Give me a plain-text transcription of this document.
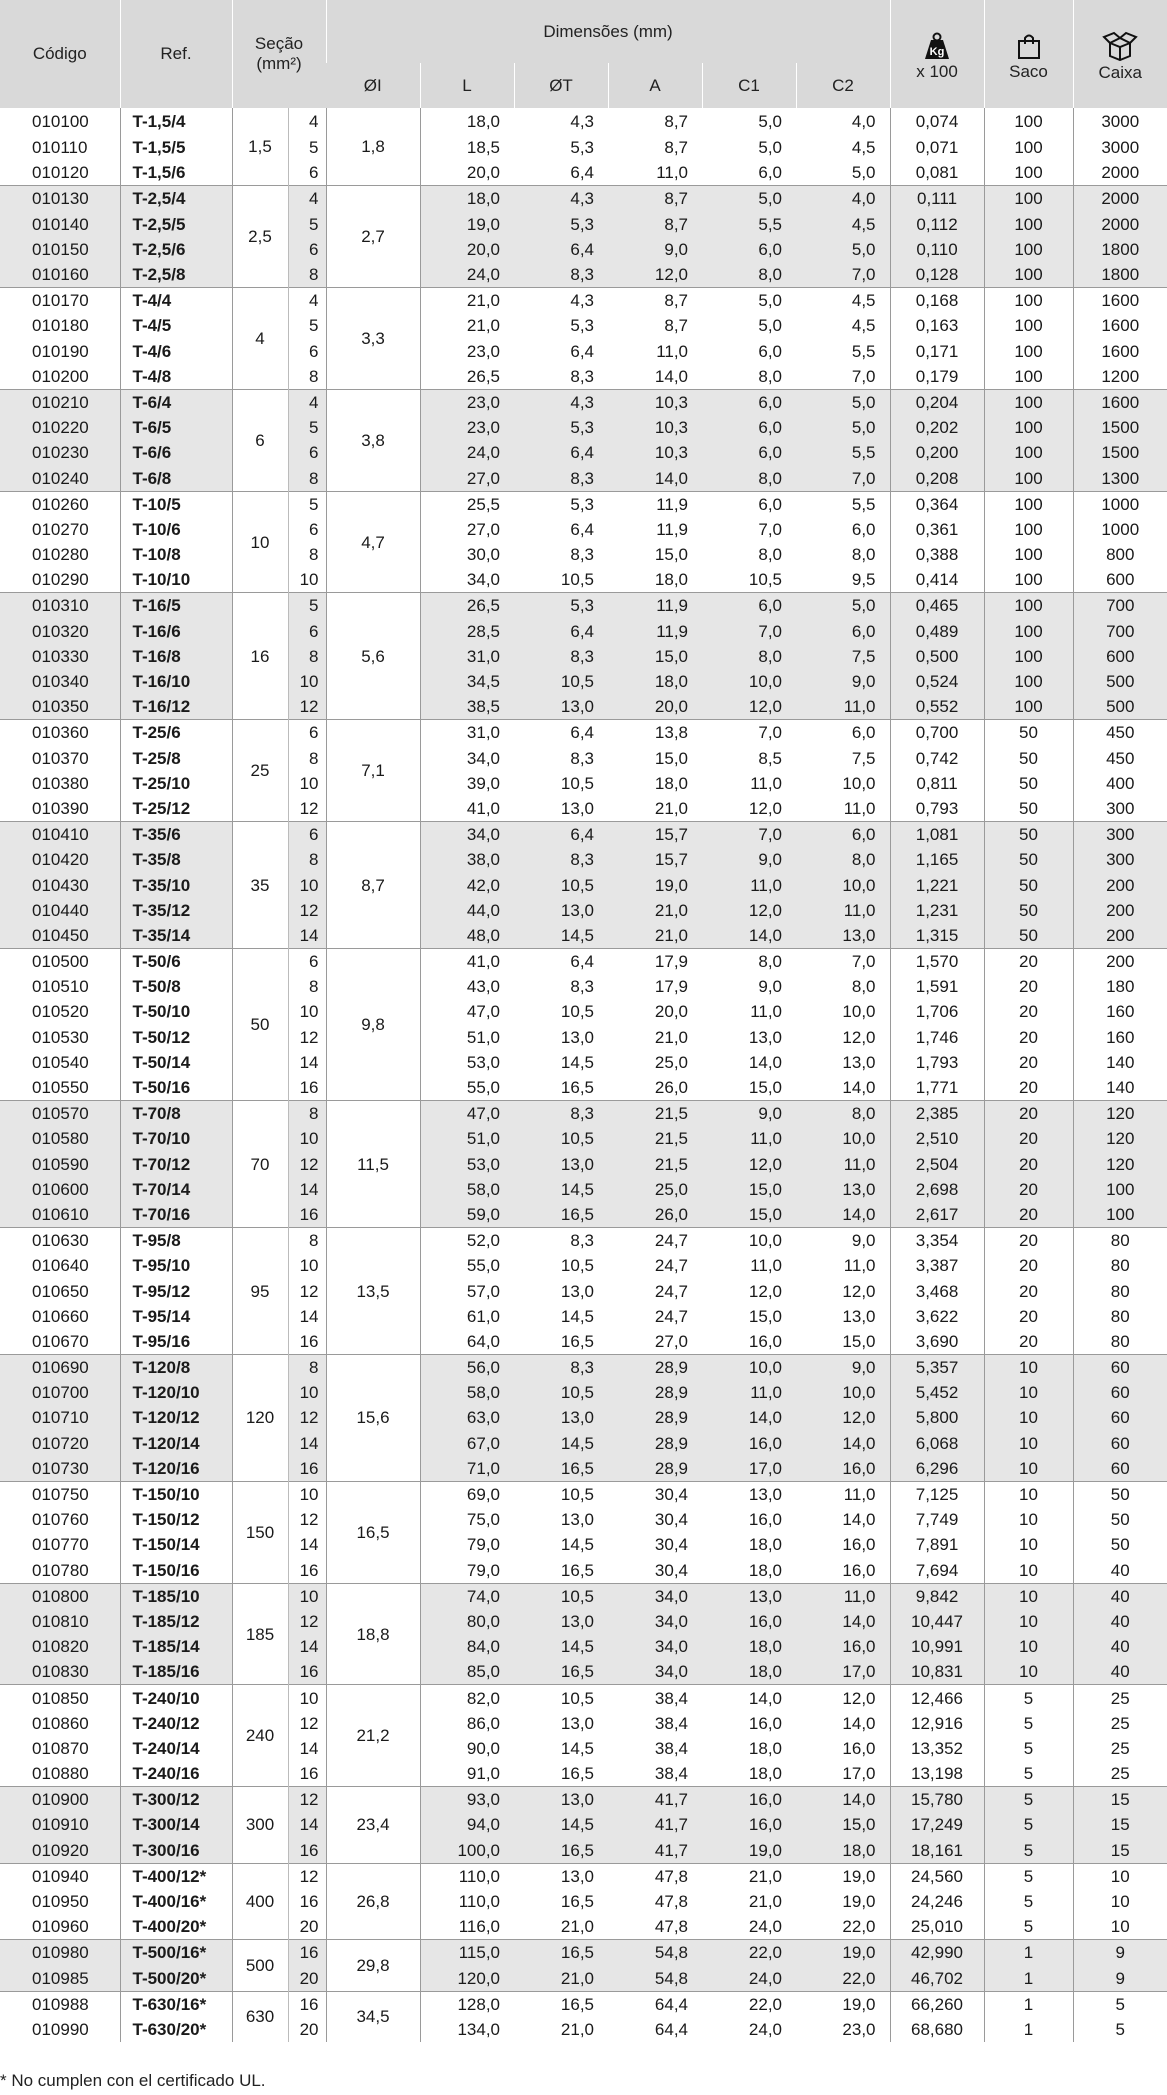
Código	Ref.	Seção
(mm²)		Dimensões (mm)						Kg
x 100	Saco	Caixa

				ØI	L	ØT	A	C1	C2			
010100	T-1,5/4	1,5	4	1,8	18,0	4,3	8,7	5,0	4,0	0,074	100	3000
010110	T-1,5/5		5		18,5	5,3	8,7	5,0	4,5	0,071	100	3000
010120	T-1,5/6		6		20,0	6,4	11,0	6,0	5,0	0,081	100	2000
010130	T-2,5/4	2,5	4	2,7	18,0	4,3	8,7	5,0	4,0	0,111	100	2000
010140	T-2,5/5		5		19,0	5,3	8,7	5,5	4,5	0,112	100	2000
010150	T-2,5/6		6		20,0	6,4	9,0	6,0	5,0	0,110	100	1800
010160	T-2,5/8		8		24,0	8,3	12,0	8,0	7,0	0,128	100	1800
010170	T-4/4	4	4	3,3	21,0	4,3	8,7	5,0	4,5	0,168	100	1600
010180	T-4/5		5		21,0	5,3	8,7	5,0	4,5	0,163	100	1600
010190	T-4/6		6		23,0	6,4	11,0	6,0	5,5	0,171	100	1600
010200	T-4/8		8		26,5	8,3	14,0	8,0	7,0	0,179	100	1200
010210	T-6/4	6	4	3,8	23,0	4,3	10,3	6,0	5,0	0,204	100	1600
010220	T-6/5		5		23,0	5,3	10,3	6,0	5,0	0,202	100	1500
010230	T-6/6		6		24,0	6,4	10,3	6,0	5,5	0,200	100	1500
010240	T-6/8		8		27,0	8,3	14,0	8,0	7,0	0,208	100	1300
010260	T-10/5	10	5	4,7	25,5	5,3	11,9	6,0	5,5	0,364	100	1000
010270	T-10/6		6		27,0	6,4	11,9	7,0	6,0	0,361	100	1000
010280	T-10/8		8		30,0	8,3	15,0	8,0	8,0	0,388	100	800
010290	T-10/10		10		34,0	10,5	18,0	10,5	9,5	0,414	100	600
010310	T-16/5	16	5	5,6	26,5	5,3	11,9	6,0	5,0	0,465	100	700
010320	T-16/6		6		28,5	6,4	11,9	7,0	6,0	0,489	100	700
010330	T-16/8		8		31,0	8,3	15,0	8,0	7,5	0,500	100	600
010340	T-16/10		10		34,5	10,5	18,0	10,0	9,0	0,524	100	500
010350	T-16/12		12		38,5	13,0	20,0	12,0	11,0	0,552	100	500
010360	T-25/6	25	6	7,1	31,0	6,4	13,8	7,0	6,0	0,700	50	450
010370	T-25/8		8		34,0	8,3	15,0	8,5	7,5	0,742	50	450
010380	T-25/10		10		39,0	10,5	18,0	11,0	10,0	0,811	50	400
010390	T-25/12		12		41,0	13,0	21,0	12,0	11,0	0,793	50	300
010410	T-35/6	35	6	8,7	34,0	6,4	15,7	7,0	6,0	1,081	50	300
010420	T-35/8		8		38,0	8,3	15,7	9,0	8,0	1,165	50	300
010430	T-35/10		10		42,0	10,5	19,0	11,0	10,0	1,221	50	200
010440	T-35/12		12		44,0	13,0	21,0	12,0	11,0	1,231	50	200
010450	T-35/14		14		48,0	14,5	21,0	14,0	13,0	1,315	50	200
010500	T-50/6	50	6	9,8	41,0	6,4	17,9	8,0	7,0	1,570	20	200
010510	T-50/8		8		43,0	8,3	17,9	9,0	8,0	1,591	20	180
010520	T-50/10		10		47,0	10,5	20,0	11,0	10,0	1,706	20	160
010530	T-50/12		12		51,0	13,0	21,0	13,0	12,0	1,746	20	160
010540	T-50/14		14		53,0	14,5	25,0	14,0	13,0	1,793	20	140
010550	T-50/16		16		55,0	16,5	26,0	15,0	14,0	1,771	20	140
010570	T-70/8	70	8	11,5	47,0	8,3	21,5	9,0	8,0	2,385	20	120
010580	T-70/10		10		51,0	10,5	21,5	11,0	10,0	2,510	20	120
010590	T-70/12		12		53,0	13,0	21,5	12,0	11,0	2,504	20	120
010600	T-70/14		14		58,0	14,5	25,0	15,0	13,0	2,698	20	100
010610	T-70/16		16		59,0	16,5	26,0	15,0	14,0	2,617	20	100
010630	T-95/8	95	8	13,5	52,0	8,3	24,7	10,0	9,0	3,354	20	80
010640	T-95/10		10		55,0	10,5	24,7	11,0	11,0	3,387	20	80
010650	T-95/12		12		57,0	13,0	24,7	12,0	12,0	3,468	20	80
010660	T-95/14		14		61,0	14,5	24,7	15,0	13,0	3,622	20	80
010670	T-95/16		16		64,0	16,5	27,0	16,0	15,0	3,690	20	80
010690	T-120/8	120	8	15,6	56,0	8,3	28,9	10,0	9,0	5,357	10	60
010700	T-120/10		10		58,0	10,5	28,9	11,0	10,0	5,452	10	60
010710	T-120/12		12		63,0	13,0	28,9	14,0	12,0	5,800	10	60
010720	T-120/14		14		67,0	14,5	28,9	16,0	14,0	6,068	10	60
010730	T-120/16		16		71,0	16,5	28,9	17,0	16,0	6,296	10	60
010750	T-150/10	150	10	16,5	69,0	10,5	30,4	13,0	11,0	7,125	10	50
010760	T-150/12		12		75,0	13,0	30,4	16,0	14,0	7,749	10	50
010770	T-150/14		14		79,0	14,5	30,4	18,0	16,0	7,891	10	50
010780	T-150/16		16		79,0	16,5	30,4	18,0	16,0	7,694	10	40
010800	T-185/10	185	10	18,8	74,0	10,5	34,0	13,0	11,0	9,842	10	40
010810	T-185/12		12		80,0	13,0	34,0	16,0	14,0	10,447	10	40
010820	T-185/14		14		84,0	14,5	34,0	18,0	16,0	10,991	10	40
010830	T-185/16		16		85,0	16,5	34,0	18,0	17,0	10,831	10	40
010850	T-240/10	240	10	21,2	82,0	10,5	38,4	14,0	12,0	12,466	5	25
010860	T-240/12		12		86,0	13,0	38,4	16,0	14,0	12,916	5	25
010870	T-240/14		14		90,0	14,5	38,4	18,0	16,0	13,352	5	25
010880	T-240/16		16		91,0	16,5	38,4	18,0	17,0	13,198	5	25
010900	T-300/12	300	12	23,4	93,0	13,0	41,7	16,0	14,0	15,780	5	15
010910	T-300/14		14		94,0	14,5	41,7	16,0	15,0	17,249	5	15
010920	T-300/16		16		100,0	16,5	41,7	19,0	18,0	18,161	5	15
010940	T-400/12*	400	12	26,8	110,0	13,0	47,8	21,0	19,0	24,560	5	10
010950	T-400/16*		16		110,0	16,5	47,8	21,0	19,0	24,246	5	10
010960	T-400/20*		20		116,0	21,0	47,8	24,0	22,0	25,010	5	10
010980	T-500/16*	500	16	29,8	115,0	16,5	54,8	22,0	19,0	42,990	1	9
010985	T-500/20*		20		120,0	21,0	54,8	24,0	22,0	46,702	1	9
010988	T-630/16*	630	16	34,5	128,0	16,5	64,4	22,0	19,0	66,260	1	5
010990	T-630/20*		20		134,0	21,0	64,4	24,0	23,0	68,680	1	5
* No cumplen con el certificado UL.
